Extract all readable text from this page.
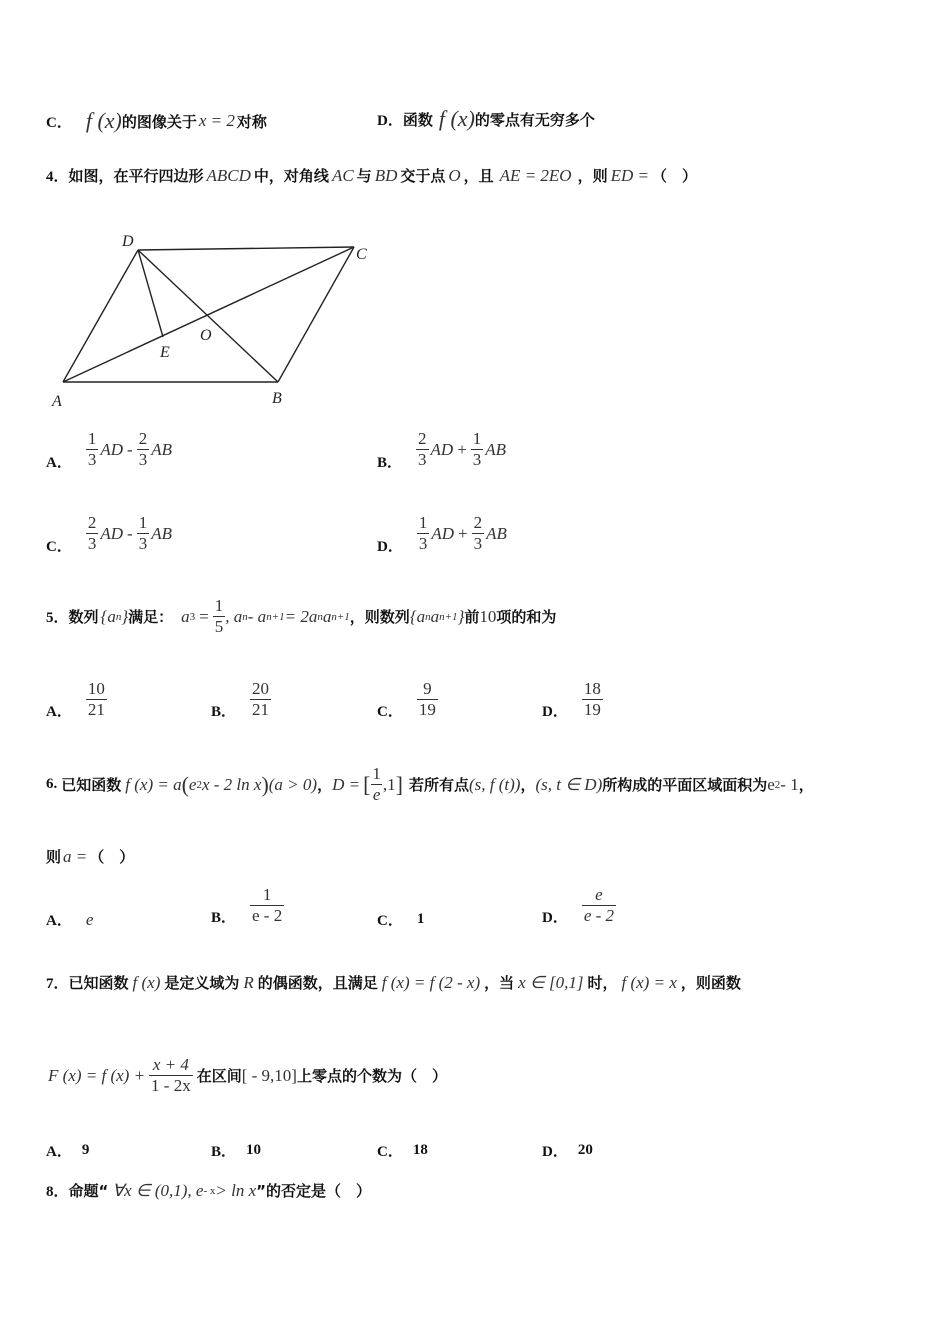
C． f (x) 的图像关于 x = 2 对称	D． 函数 f (x) 的零点有无穷多个
4． 如图，在平行四边形 ABCD 中，对角线 AC 与 BD 交于点 O ，且 AE = 2EO ，则 ED = （　）
A	B
C
D
E
O
A． $\frac{1}{3}$ AD - $\frac{2}{3}$ AB
B． $\frac{2}{3}$ AD + $\frac{1}{3}$ AB
C． $\frac{2}{3}$ AD - $\frac{1}{3}$ AB
D． $\frac{1}{3}$ AD + $\frac{2}{3}$ AB
5． 数列 {a n } 满足： a $3 = \frac{1}{5}$ , a n - a n+1 = 2a n a n+1 ，则数列 {a n a n+1 } 前 10 项的和为
A． $\frac{10}{21}$	B． $\frac{20}{21}$	C． $\frac{9}{19}$	D． $\frac{18}{19}$
6. 已知函数 f (x) = a ( e 2 x - 2 ln x ) (a > 0) ， D = [ $\frac{1}{e} ,1$ ] 若所有点 (s, f (t)) ， (s, t ∈ D) 所构成的平面区域面积为 e 2 - 1 ，
则 a = （　）
A． e	B． $\frac{1}{e - 2}$	C． 1	D． $\frac{e}{e - 2}$
7． 已知函数 f (x) 是定义域为 R 的偶函数，且满足 f (x) = f (2 - x) ，当 x ∈ [0,1] 时， f (x) = x ，则函数
F (x) = f $(x) + \frac{x + 4}{1 - 2x}$ 在区间 [ - 9,10] 上零点的个数为（　）
A． 9	B． 10	C． 18	D． 20
8． 命题“ ∀x ∈ (0,1), e - x > ln x ”的否定是（　）
